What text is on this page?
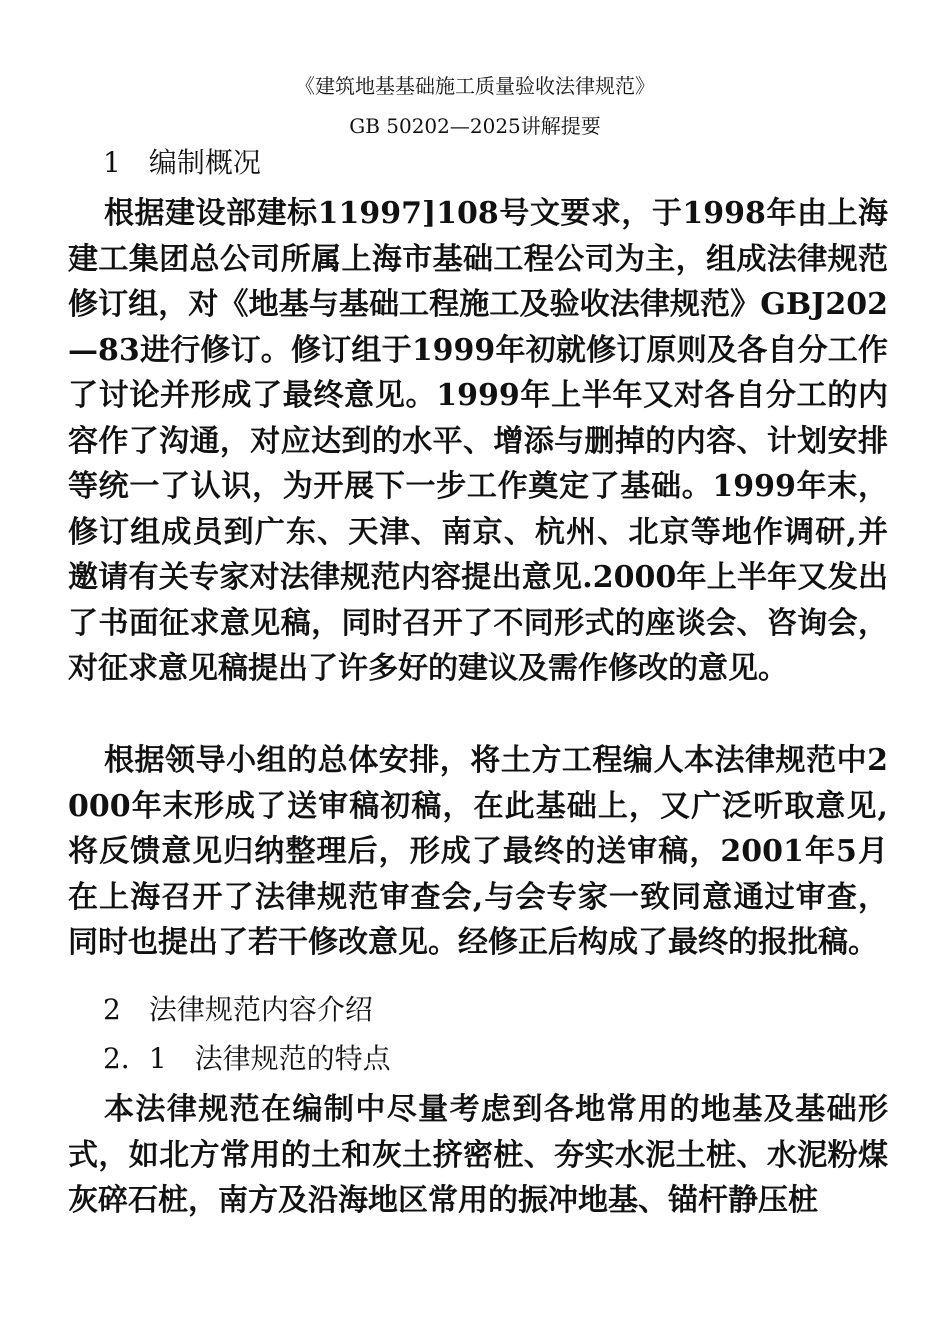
《建筑地基基础施工质量验收法律规范》
GB 50202—2025讲解提要
1　编制概况

根据建设部建标11997]108号文要求，于1998年由上海建工集团总公司所属上海市基础工程公司为主，组成法律规范修订组，对《地基与基础工程施工及验收法律规范》GBJ202—83进行修订。修订组于1999年初就修订原则及各自分工作了讨论并形成了最终意见。1999年上半年又对各自分工的内容作了沟通，对应达到的水平、增添与删掉的内容、计划安排等统一了认识，为开展下一步工作奠定了基础。1999年末，修订组成员到广东、天津、南京、杭州、北京等地作调研,并邀请有关专家对法律规范内容提出意见.2000年上半年又发出了书面征求意见稿，同时召开了不同形式的座谈会、咨询会，对征求意见稿提出了许多好的建议及需作修改的意见。

根据领导小组的总体安排，将土方工程编人本法律规范中2000年末形成了送审稿初稿，在此基础上，又广泛听取意见,将反馈意见归纳整理后，形成了最终的送审稿，2001年5月在上海召开了法律规范审查会,与会专家一致同意通过审查，同时也提出了若干修改意见。经修正后构成了最终的报批稿。

2　法律规范内容介绍
2．1　法律规范的特点

本法律规范在编制中尽量考虑到各地常用的地基及基础形式，如北方常用的土和灰土挤密桩、夯实水泥土桩、水泥粉煤灰碎石桩，南方及沿海地区常用的振冲地基、锚杆静压桩
